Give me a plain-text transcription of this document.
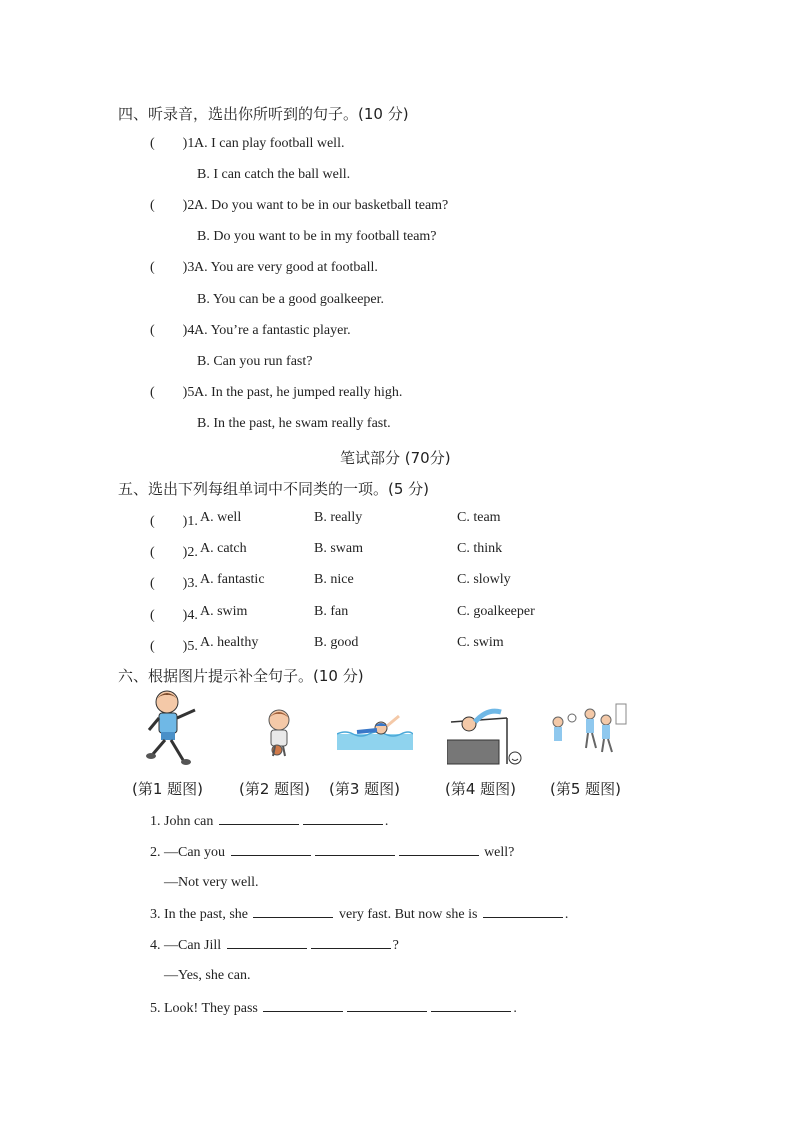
四、听录音，选出你所听到的句子。(10 分)
(　　)1.A. I can play football well.
B. I can catch the ball well.
(　　)2.A. Do you want to be in our basketball team?
B. Do you want to be in my football team?
(　　)3.A. You are very good at football.
B. You can be a good goalkeeper.
(　　)4.A. You’re a fantastic player.
B. Can you run fast?
(　　)5.A. In the past, he jumped really high.
B. In the past, he swam really fast.
笔试部分 (70分)
五、选出下列每组单词中不同类的一项。(5 分)
(　　)1. A. well	B. really	C. team
(　　)2. A. catch	B. swam	C. think
(　　)3. A. fantastic	B. nice	C. slowly
(　　)4. A. swim	B. fan	C. goalkeeper
(　　)5. A. healthy	B. good	C. swim
六、根据图片提示补全句子。(10 分)
(第1 题图) (第2 题图) (第3 题图)	(第4 题图) (第5 题图)
1. John can	.
2. —Can you	well?
—Not very well.
3. In the past, she	very fast. But now she is	.
4. —Can Jill	?
—Yes, she can.
5. Look! They pass	.
